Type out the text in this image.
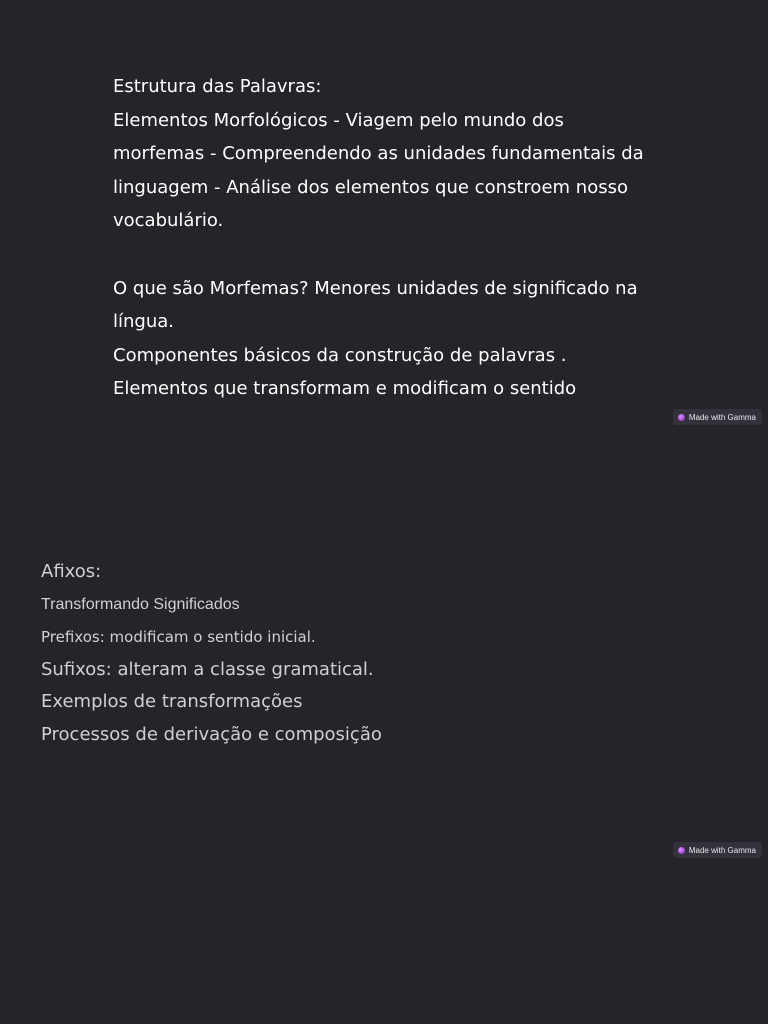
Estrutura das Palavras:

Elementos Morfológicos - Viagem pelo mundo dos morfemas - Compreendendo as unidades fundamentais da linguagem - Análise dos elementos que constroem nosso vocabulário.

O que são Morfemas? Menores unidades de significado na língua.

Componentes básicos da construção de palavras .

Elementos que transformam e modificam o sentido

Made with Gamma

Afixos:

Transformando Significados

Prefixos: modificam o sentido inicial.

Sufixos: alteram a classe gramatical.

Exemplos de transformações

Processos de derivação e composição

Made with Gamma
